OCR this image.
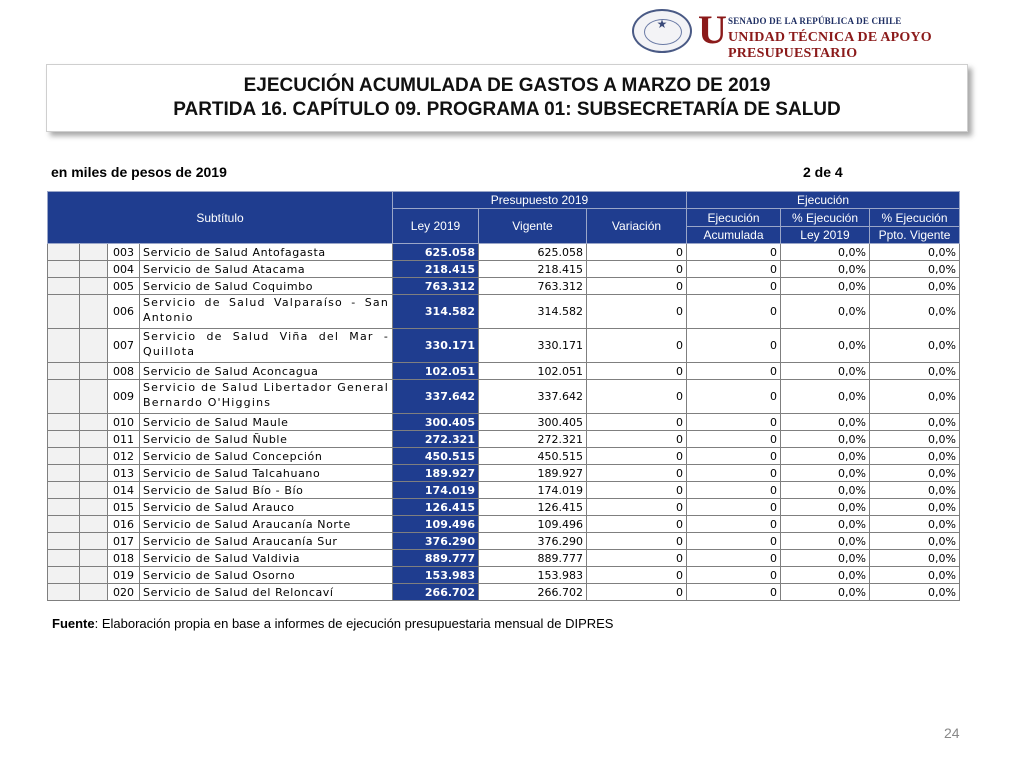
★ U SENADO DE LA REPÚBLICA DE CHILE
UNIDAD TÉCNICA DE APOYO PRESUPUESTARIO
EJECUCIÓN ACUMULADA DE GASTOS A MARZO DE 2019
PARTIDA 16. CAPÍTULO 09. PROGRAMA 01: SUBSECRETARÍA DE SALUD
en miles de pesos de 2019	2 de 4
Subtítulo				Presupuesto 2019			Ejecución		
				Ley 2019	Vigente	Variación	Ejecución	% Ejecución	% Ejecución
							Acumulada	Ley 2019	Ppto. Vigente
		003	Servicio de Salud Antofagasta	625.058	625.058	0	0	0,0%	0,0%
		004	Servicio de Salud Atacama	218.415	218.415	0	0	0,0%	0,0%
		005	Servicio de Salud Coquimbo	763.312	763.312	0	0	0,0%	0,0%
		006	Servicio de Salud Valparaíso - San Antonio	314.582	314.582	0	0	0,0%	0,0%
		007	Servicio de Salud Viña del Mar - Quillota	330.171	330.171	0	0	0,0%	0,0%
		008	Servicio de Salud Aconcagua	102.051	102.051	0	0	0,0%	0,0%
		009	Servicio de Salud Libertador General Bernardo O'Higgins	337.642	337.642	0	0	0,0%	0,0%
		010	Servicio de Salud Maule	300.405	300.405	0	0	0,0%	0,0%
		011	Servicio de Salud Ñuble	272.321	272.321	0	0	0,0%	0,0%
		012	Servicio de Salud Concepción	450.515	450.515	0	0	0,0%	0,0%
		013	Servicio de Salud Talcahuano	189.927	189.927	0	0	0,0%	0,0%
		014	Servicio de Salud Bío - Bío	174.019	174.019	0	0	0,0%	0,0%
		015	Servicio de Salud Arauco	126.415	126.415	0	0	0,0%	0,0%
		016	Servicio de Salud Araucanía Norte	109.496	109.496	0	0	0,0%	0,0%
		017	Servicio de Salud Araucanía Sur	376.290	376.290	0	0	0,0%	0,0%
		018	Servicio de Salud Valdivia	889.777	889.777	0	0	0,0%	0,0%
		019	Servicio de Salud Osorno	153.983	153.983	0	0	0,0%	0,0%
		020	Servicio de Salud del Reloncaví	266.702	266.702	0	0	0,0%	0,0%
Fuente: Elaboración propia en base a informes de ejecución presupuestaria mensual de DIPRES
24
